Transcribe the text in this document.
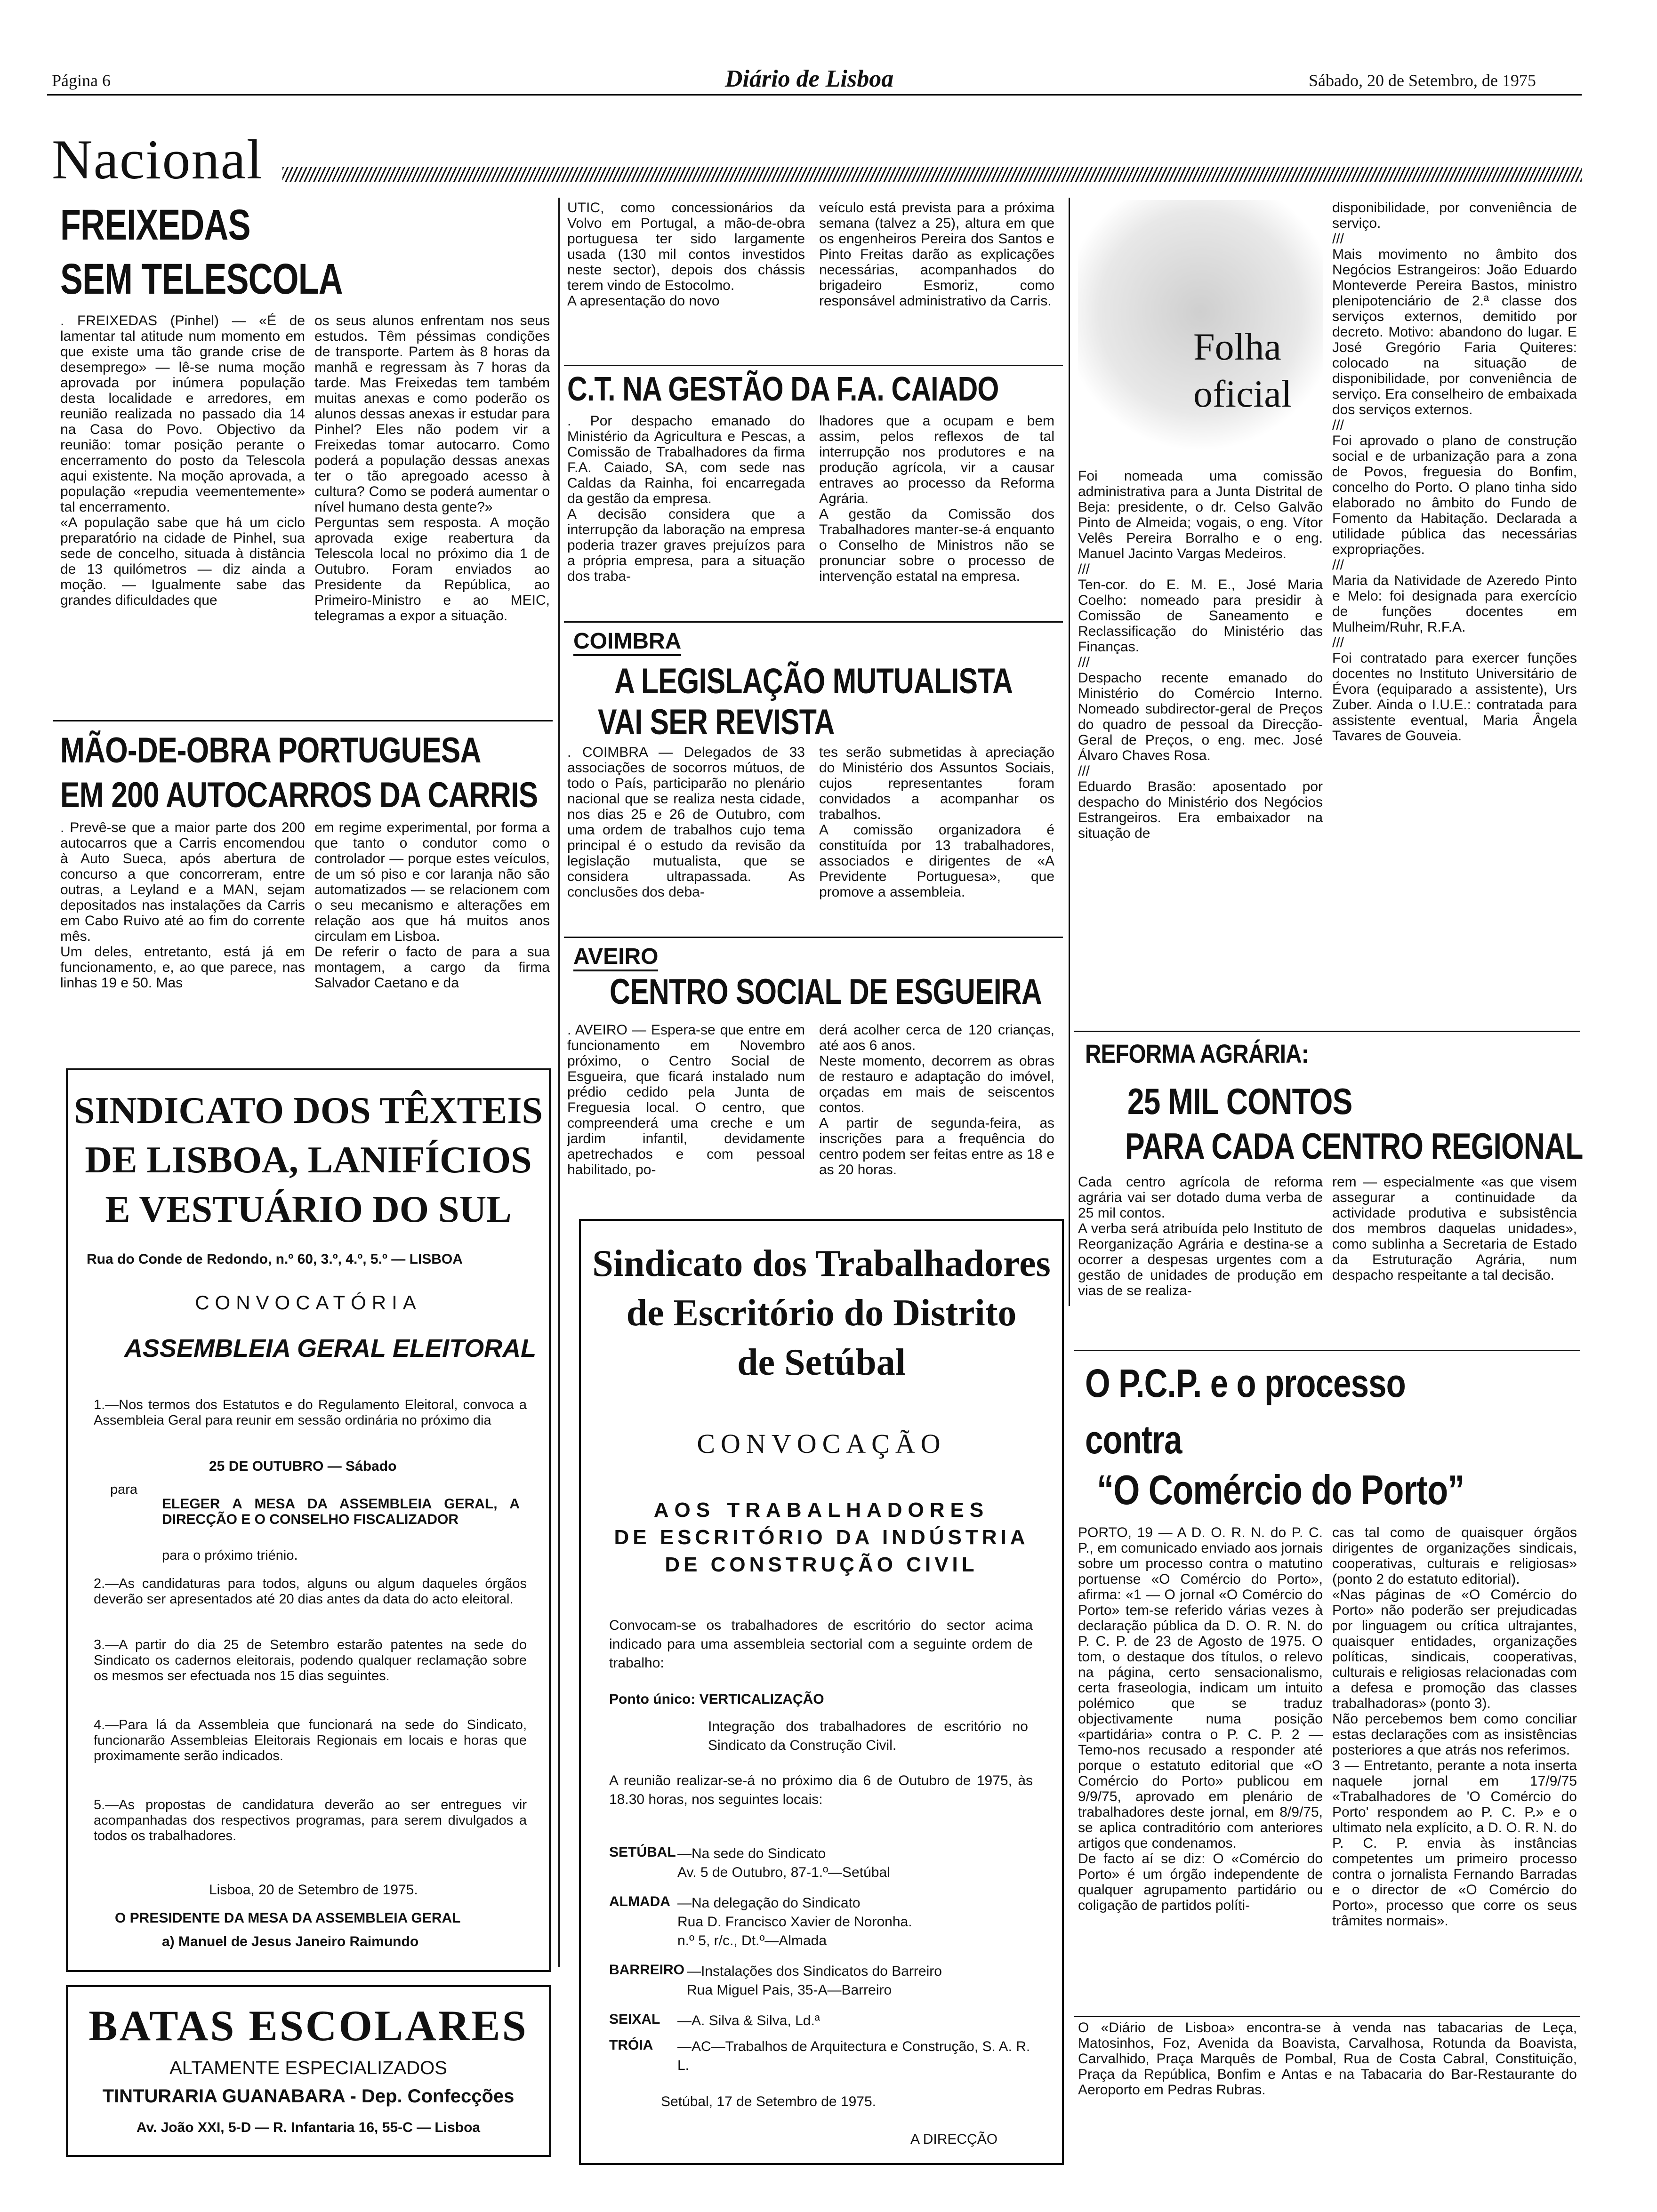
Página 6	Diário de Lisboa	Sábado, 20 de Setembro, de 1975
Nacional
FREIXEDAS
SEM TELESCOLA
. FREIXEDAS (Pinhel) — «É de lamentar tal atitude num momento em que existe uma tão grande crise de desemprego» — lê-se numa moção aprovada por inúmera população desta localidade e arredores, em reunião realizada no passado dia 14 na Casa do Povo. Objectivo da reunião: tomar posição perante o encerramento do posto da Telescola aqui existente. Na moção aprovada, a população «repudia veementemente» tal encerramento.
«A população sabe que há um ciclo preparatório na cidade de Pinhel, sua sede de concelho, situada à distância de 13 quilómetros — diz ainda a moção. — Igualmente sabe das grandes dificuldades que
os seus alunos enfrentam nos seus estudos. Têm péssimas condições de transporte. Partem às 8 horas da manhã e regressam às 7 horas da tarde. Mas Freixedas tem também muitas anexas e como poderão os alunos dessas anexas ir estudar para Pinhel? Eles não podem vir a Freixedas tomar autocarro. Como poderá a população dessas anexas ter o tão apregoado acesso à cultura? Como se poderá aumentar o nível humano desta gente?»
Perguntas sem resposta. A moção aprovada exige reabertura da Telescola local no próximo dia 1 de Outubro. Foram enviados ao Presidente da República, ao Primeiro-Ministro e ao MEIC, telegramas a expor a situação.
UTIC, como concessionários da Volvo em Portugal, a mão-de-obra portuguesa ter sido largamente usada (130 mil contos investidos neste sector), depois dos chássis terem vindo de Estocolmo.
A apresentação do novo
veículo está prevista para a próxima semana (talvez a 25), altura em que os engenheiros Pereira dos Santos e Pinto Freitas darão as explicações necessárias, acompanhados do brigadeiro Esmoriz, como responsável administrativo da Carris.
C.T. NA GESTÃO DA F.A. CAIADO
. Por despacho emanado do Ministério da Agricultura e Pescas, a Comissão de Trabalhadores da firma F.A. Caiado, SA, com sede nas Caldas da Rainha, foi encarregada da gestão da empresa.
A decisão considera que a interrupção da laboração na empresa poderia trazer graves prejuízos para a própria empresa, para a situação dos traba-
lhadores que a ocupam e bem assim, pelos reflexos de tal interrupção nos produtores e na produção agrícola, vir a causar entraves ao processo da Reforma Agrária.
A gestão da Comissão dos Trabalhadores manter-se-á enquanto o Conselho de Ministros não se pronunciar sobre o processo de intervenção estatal na empresa.
COIMBRA
A LEGISLAÇÃO MUTUALISTA
VAI SER REVISTA
. COIMBRA — Delegados de 33 associações de socorros mútuos, de todo o País, participarão no plenário nacional que se realiza nesta cidade, nos dias 25 e 26 de Outubro, com uma ordem de trabalhos cujo tema principal é o estudo da revisão da legislação mutualista, que se considera ultrapassada. As conclusões dos deba-
tes serão submetidas à apreciação do Ministério dos Assuntos Sociais, cujos representantes foram convidados a acompanhar os trabalhos.
A comissão organizadora é constituída por 13 trabalhadores, associados e dirigentes de «A Previdente Portuguesa», que promove a assembleia.
MÃO-DE-OBRA PORTUGUESA
EM 200 AUTOCARROS DA CARRIS
. Prevê-se que a maior parte dos 200 autocarros que a Carris encomendou à Auto Sueca, após abertura de concurso a que concorreram, entre outras, a Leyland e a MAN, sejam depositados nas instalações da Carris em Cabo Ruivo até ao fim do corrente mês.
Um deles, entretanto, está já em funcionamento, e, ao que parece, nas linhas 19 e 50. Mas
em regime experimental, por forma a que tanto o condutor como o controlador — porque estes veículos, de um só piso e cor laranja não são automatizados — se relacionem com o seu mecanismo e alterações em relação aos que há muitos anos circulam em Lisboa.
De referir o facto de para a sua montagem, a cargo da firma Salvador Caetano e da
AVEIRO
CENTRO SOCIAL DE ESGUEIRA
. AVEIRO — Espera-se que entre em funcionamento em Novembro próximo, o Centro Social de Esgueira, que ficará instalado num prédio cedido pela Junta de Freguesia local. O centro, que compreenderá uma creche e um jardim infantil, devidamente apetrechados e com pessoal habilitado, po-
derá acolher cerca de 120 crianças, até aos 6 anos.
Neste momento, decorrem as obras de restauro e adaptação do imóvel, orçadas em mais de seiscentos contos.
A partir de segunda-feira, as inscrições para a frequência do centro podem ser feitas entre as 18 e as 20 horas.
Folha
oficial
Foi nomeada uma comissão administrativa para a Junta Distrital de Beja: presidente, o dr. Celso Galvão Pinto de Almeida; vogais, o eng. Vítor Velês Pereira Borralho e o eng. Manuel Jacinto Vargas Medeiros.
///
Ten-cor. do E. M. E., José Maria Coelho: nomeado para presidir à Comissão de Saneamento e Reclassificação do Ministério das Finanças.
///
Despacho recente emanado do Ministério do Comércio Interno. Nomeado subdirector-geral de Preços do quadro de pessoal da Direcção-Geral de Preços, o eng. mec. José Álvaro Chaves Rosa.
///
Eduardo Brasão: aposentado por despacho do Ministério dos Negócios Estrangeiros. Era embaixador na situação de
disponibilidade, por conveniência de serviço.
///
Mais movimento no âmbito dos Negócios Estrangeiros: João Eduardo Monteverde Pereira Bastos, ministro plenipotenciário de 2.ª classe dos serviços externos, demitido por decreto. Motivo: abandono do lugar. E José Gregório Faria Quiteres: colocado na situação de disponibilidade, por conveniência de serviço. Era conselheiro de embaixada dos serviços externos.
///
Foi aprovado o plano de construção social e de urbanização para a zona de Povos, freguesia do Bonfim, concelho do Porto. O plano tinha sido elaborado no âmbito do Fundo de Fomento da Habitação. Declarada a utilidade pública das necessárias expropriações.
///
Maria da Natividade de Azeredo Pinto e Melo: foi designada para exercício de funções docentes em Mulheim/Ruhr, R.F.A.
///
Foi contratado para exercer funções docentes no Instituto Universitário de Évora (equiparado a assistente), Urs Zuber. Ainda o I.U.E.: contratada para assistente eventual, Maria Ângela Tavares de Gouveia.
REFORMA AGRÁRIA:
25 MIL CONTOS
PARA CADA CENTRO REGIONAL
Cada centro agrícola de reforma agrária vai ser dotado duma verba de 25 mil contos.
A verba será atribuída pelo Instituto de Reorganização Agrária e destina-se a ocorrer a despesas urgentes com a gestão de unidades de produção em vias de se realiza-
rem — especialmente «as que visem assegurar a continuidade da actividade produtiva e subsistência dos membros daquelas unidades», como sublinha a Secretaria de Estado da Estruturação Agrária, num despacho respeitante a tal decisão.
O P.C.P. e o processo
contra
“O Comércio do Porto”
PORTO, 19 — A D. O. R. N. do P. C. P., em comunicado enviado aos jornais sobre um processo contra o matutino portuense «O Comércio do Porto», afirma: «1 — O jornal «O Comércio do Porto» tem-se referido várias vezes à declaração pública da D. O. R. N. do P. C. P. de 23 de Agosto de 1975. O tom, o destaque dos títulos, o relevo na página, certo sensacionalismo, certa fraseologia, indicam um intuito polémico que se traduz objectivamente numa posição «partidária» contra o P. C. P. 2 — Temo-nos recusado a responder até porque o estatuto editorial que «O Comércio do Porto» publicou em 9/9/75, aprovado em plenário de trabalhadores deste jornal, em 8/9/75, se aplica contraditório com anteriores artigos que condenamos.
De facto aí se diz: O «Comércio do Porto» é um órgão independente de qualquer agrupamento partidário ou coligação de partidos políti-
cas tal como de quaisquer órgãos dirigentes de organizações sindicais, cooperativas, culturais e religiosas» (ponto 2 do estatuto editorial).
«Nas páginas de «O Comércio do Porto» não poderão ser prejudicadas por linguagem ou crítica ultrajantes, quaisquer entidades, organizações políticas, sindicais, cooperativas, culturais e religiosas relacionadas com a defesa e promoção das classes trabalhadoras» (ponto 3).
Não percebemos bem como conciliar estas declarações com as insistências posteriores a que atrás nos referimos.
3 — Entretanto, perante a nota inserta naquele jornal em 17/9/75 «Trabalhadores de 'O Comércio do Porto' respondem ao P. C. P.» e o ultimato nela explícito, a D. O. R. N. do P. C. P. envia às instâncias competentes um primeiro processo contra o jornalista Fernando Barradas e o director de «O Comércio do Porto», processo que corre os seus trâmites normais».
O «Diário de Lisboa» encontra-se à venda nas tabacarias de Leça, Matosinhos, Foz, Avenida da Boavista, Carvalhosa, Rotunda da Boavista, Carvalhido, Praça Marquês de Pombal, Rua de Costa Cabral, Constituição, Praça da República, Bonfim e Antas e na Tabacaria do Bar-Restaurante do Aeroporto em Pedras Rubras.
SINDICATO DOS TÊXTEIS
DE LISBOA, LANIFÍCIOS
E VESTUÁRIO DO SUL
Rua do Conde de Redondo, n.º 60, 3.º, 4.º, 5.º — LISBOA
CONVOCATÓRIA
ASSEMBLEIA GERAL ELEITORAL
1.—Nos termos dos Estatutos e do Regulamento Eleitoral, convoca a Assembleia Geral para reunir em sessão ordinária no próximo dia
25 DE OUTUBRO — Sábado
para
ELEGER A MESA DA ASSEMBLEIA GERAL, A DIRECÇÃO E O CONSELHO FISCALIZADOR
para o próximo triénio.
2.—As candidaturas para todos, alguns ou algum daqueles órgãos deverão ser apresentados até 20 dias antes da data do acto eleitoral.
3.—A partir do dia 25 de Setembro estarão patentes na sede do Sindicato os cadernos eleitorais, podendo qualquer reclamação sobre os mesmos ser efectuada nos 15 dias seguintes.
4.—Para lá da Assembleia que funcionará na sede do Sindicato, funcionarão Assembleias Eleitorais Regionais em locais e horas que proximamente serão indicados.
5.—As propostas de candidatura deverão ao ser entregues vir acompanhadas dos respectivos programas, para serem divulgados a todos os trabalhadores.
Lisboa, 20 de Setembro de 1975.
O PRESIDENTE DA MESA DA ASSEMBLEIA GERAL
a) Manuel de Jesus Janeiro Raimundo
BATAS ESCOLARES
ALTAMENTE ESPECIALIZADOS
TINTURARIA GUANABARA - Dep. Confecções
Av. João XXI, 5-D — R. Infantaria 16, 55-C — Lisboa
Sindicato dos Trabalhadores
de Escritório do Distrito
de Setúbal
CONVOCAÇÃO
AOS TRABALHADORES
DE ESCRITÓRIO DA INDÚSTRIA
DE CONSTRUÇÃO CIVIL
Convocam-se os trabalhadores de escritório do sector acima indicado para uma assembleia sectorial com a seguinte ordem de trabalho:
Ponto único: VERTICALIZAÇÃO
Integração dos trabalhadores de escritório no Sindicato da Construção Civil.
A reunião realizar-se-á no próximo dia 6 de Outubro de 1975, às 18.30 horas, nos seguintes locais:
SETÚBAL —Na sede do Sindicato
Av. 5 de Outubro, 87-1.º—Setúbal
ALMADA —Na delegação do Sindicato
Rua D. Francisco Xavier de Noronha.
n.º 5, r/c., Dt.º—Almada
BARREIRO —Instalações dos Sindicatos do Barreiro
Rua Miguel Pais, 35-A—Barreiro
SEIXAL	—A. Silva & Silva, Ld.ª
TRÓIA	—AC—Trabalhos de Arquitectura e Construção, S. A. R. L.
Setúbal, 17 de Setembro de 1975.
A DIRECÇÃO
